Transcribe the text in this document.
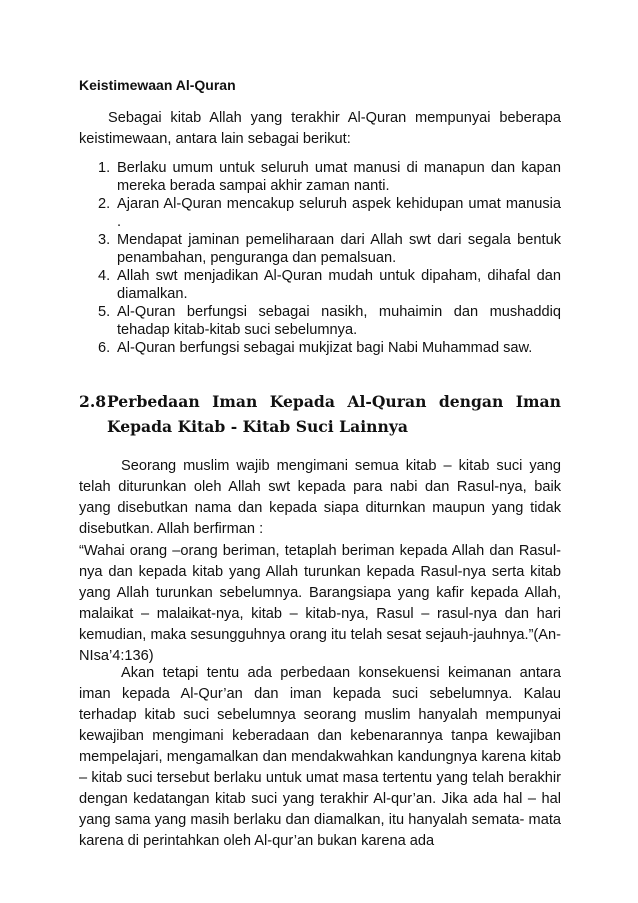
Keistimewaan Al-Quran

Sebagai kitab Allah yang terakhir Al-Quran mempunyai beberapa keistimewaan, antara lain sebagai berikut:

1. Berlaku umum untuk seluruh umat manusi di manapun dan kapan mereka berada sampai akhir zaman nanti.
2. Ajaran Al-Quran mencakup seluruh aspek kehidupan umat manusia .
3. Mendapat jaminan pemeliharaan dari Allah swt dari segala bentuk penambahan, penguranga dan pemalsuan.
4. Allah swt menjadikan Al-Quran mudah untuk dipaham, dihafal dan diamalkan.
5. Al-Quran berfungsi sebagai nasikh, muhaimin dan mushaddiq tehadap kitab-kitab suci sebelumnya.
6. Al-Quran berfungsi sebagai mukjizat bagi Nabi Muhammad saw.
2.8 Perbedaan Iman Kepada Al-Quran dengan Iman Kepada Kitab - Kitab Suci Lainnya

Seorang muslim wajib mengimani semua kitab – kitab suci yang telah diturunkan oleh Allah swt kepada para nabi dan Rasul-nya, baik yang disebutkan nama dan kepada siapa diturnkan maupun yang tidak disebutkan. Allah berfirman :

“Wahai orang –orang beriman, tetaplah beriman kepada Allah dan Rasul-nya dan kepada kitab yang Allah turunkan kepada Rasul-nya serta kitab yang Allah turunkan sebelumnya. Barangsiapa yang kafir kepada Allah, malaikat – malaikat-nya, kitab – kitab-nya, Rasul – rasul-nya dan hari kemudian, maka sesungguhnya orang itu telah sesat sejauh-jauhnya.”(An-NIsa’4:136)

Akan tetapi tentu ada perbedaan konsekuensi keimanan antara iman kepada Al-Qur’an dan iman kepada suci sebelumnya. Kalau terhadap kitab suci sebelumnya seorang muslim hanyalah mempunyai kewajiban mengimani keberadaan dan kebenarannya tanpa kewajiban mempelajari, mengamalkan dan mendakwahkan kandungnya karena kitab – kitab suci tersebut berlaku untuk umat masa tertentu yang telah berakhir dengan kedatangan kitab suci yang terakhir Al-qur’an. Jika ada hal – hal yang sama yang masih berlaku dan diamalkan, itu hanyalah semata- mata karena di perintahkan oleh Al-qur’an bukan karena ada
